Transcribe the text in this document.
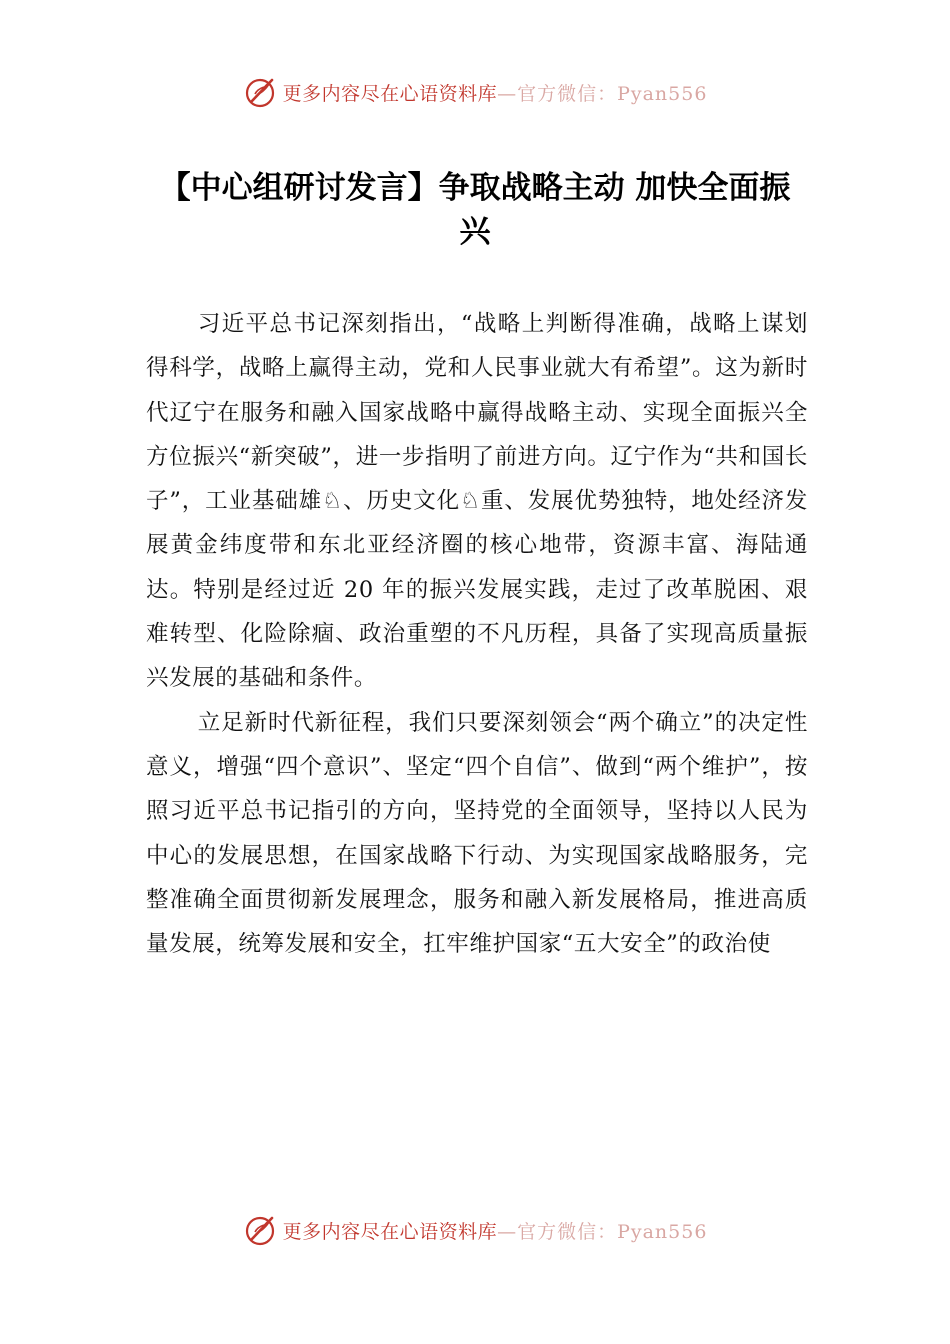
更多内容尽在心语资料库 —官方微信：Pyan556
【中心组研讨发言】争取战略主动 加快全面振兴

习近平总书记深刻指出，“战略上判断得准确，战略上谋划得科学，战略上赢得主动，党和人民事业就大有希望”。这为新时代辽宁在服务和融入国家战略中赢得战略主动、实现全面振兴全方位振兴“新突破”，进一步指明了前进方向。辽宁作为“共和国长子”，工业基础雄♘、历史文化♘重、发展优势独特，地处经济发展黄金纬度带和东北亚经济圈的核心地带，资源丰富、海陆通达。特别是经过近 20 年的振兴发展实践，走过了改革脱困、艰难转型、化险除痼、政治重塑的不凡历程，具备了实现高质量振兴发展的基础和条件。

立足新时代新征程，我们只要深刻领会“两个确立”的决定性意义，增强“四个意识”、坚定“四个自信”、做到“两个维护”，按照习近平总书记指引的方向，坚持党的全面领导，坚持以人民为中心的发展思想，在国家战略下行动、为实现国家战略服务，完整准确全面贯彻新发展理念，服务和融入新发展格局，推进高质量发展，统筹发展和安全，扛牢维护国家“五大安全”的政治使

更多内容尽在心语资料库 —官方微信：Pyan556
